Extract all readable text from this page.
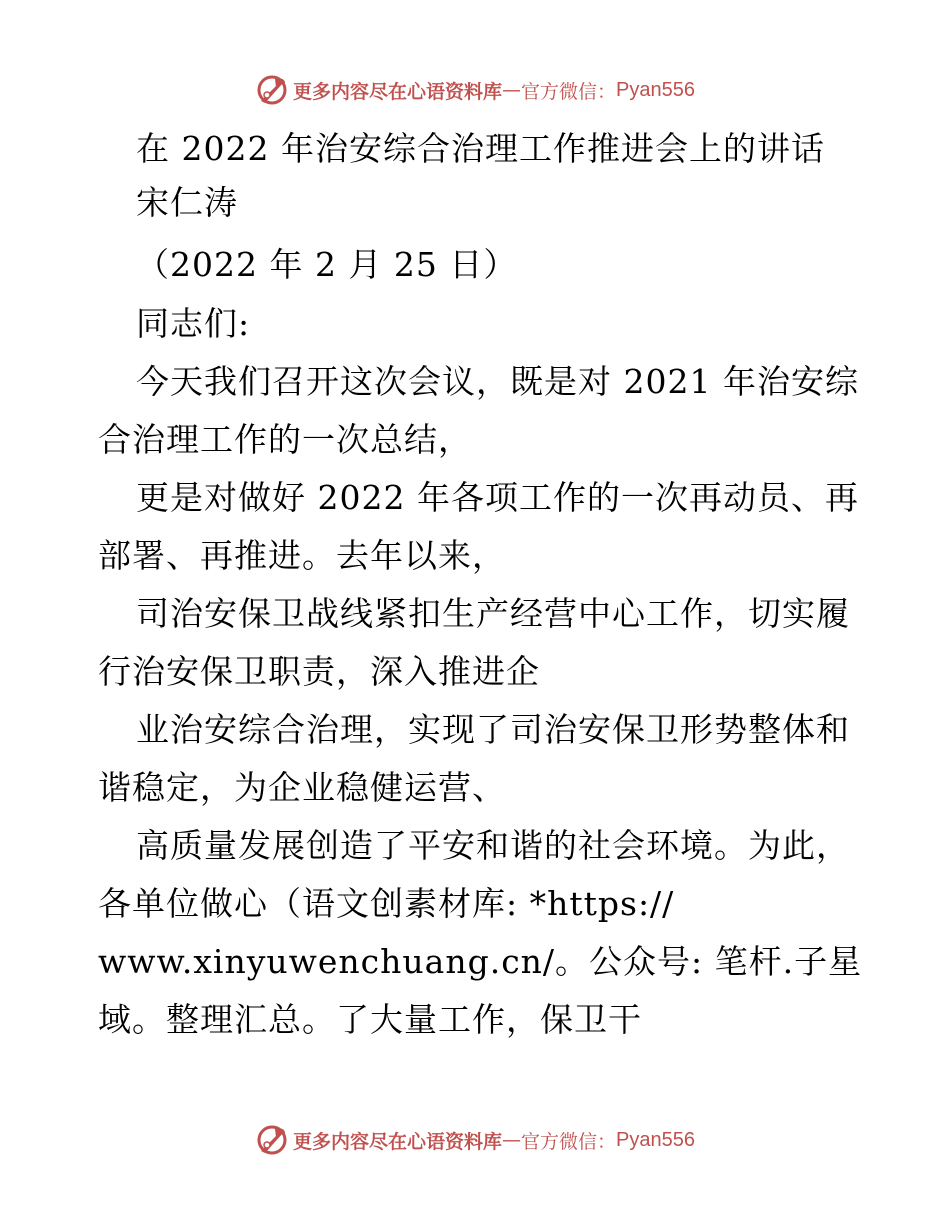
更多内容尽在心语资料库 — 官方微信： Pyan556
在 2022 年治安综合治理工作推进会上的讲话
宋仁涛
（2022 年 2 月 25 日）
同志们:
今天我们召开这次会议，既是对 2021 年治安综
合治理工作的一次总结，
更是对做好 2022 年各项工作的一次再动员、再
部署、再推进。去年以来，
司治安保卫战线紧扣生产经营中心工作，切实履
行治安保卫职责，深入推进企
业治安综合治理，实现了司治安保卫形势整体和
谐稳定，为企业稳健运营、
高质量发展创造了平安和谐的社会环境。为此，
各单位做心（语文创素材库: *https://
www.xinyuwenchuang.cn/。公众号: 笔杆.子星
域。整理汇总。了大量工作，保卫干
更多内容尽在心语资料库 — 官方微信： Pyan556
